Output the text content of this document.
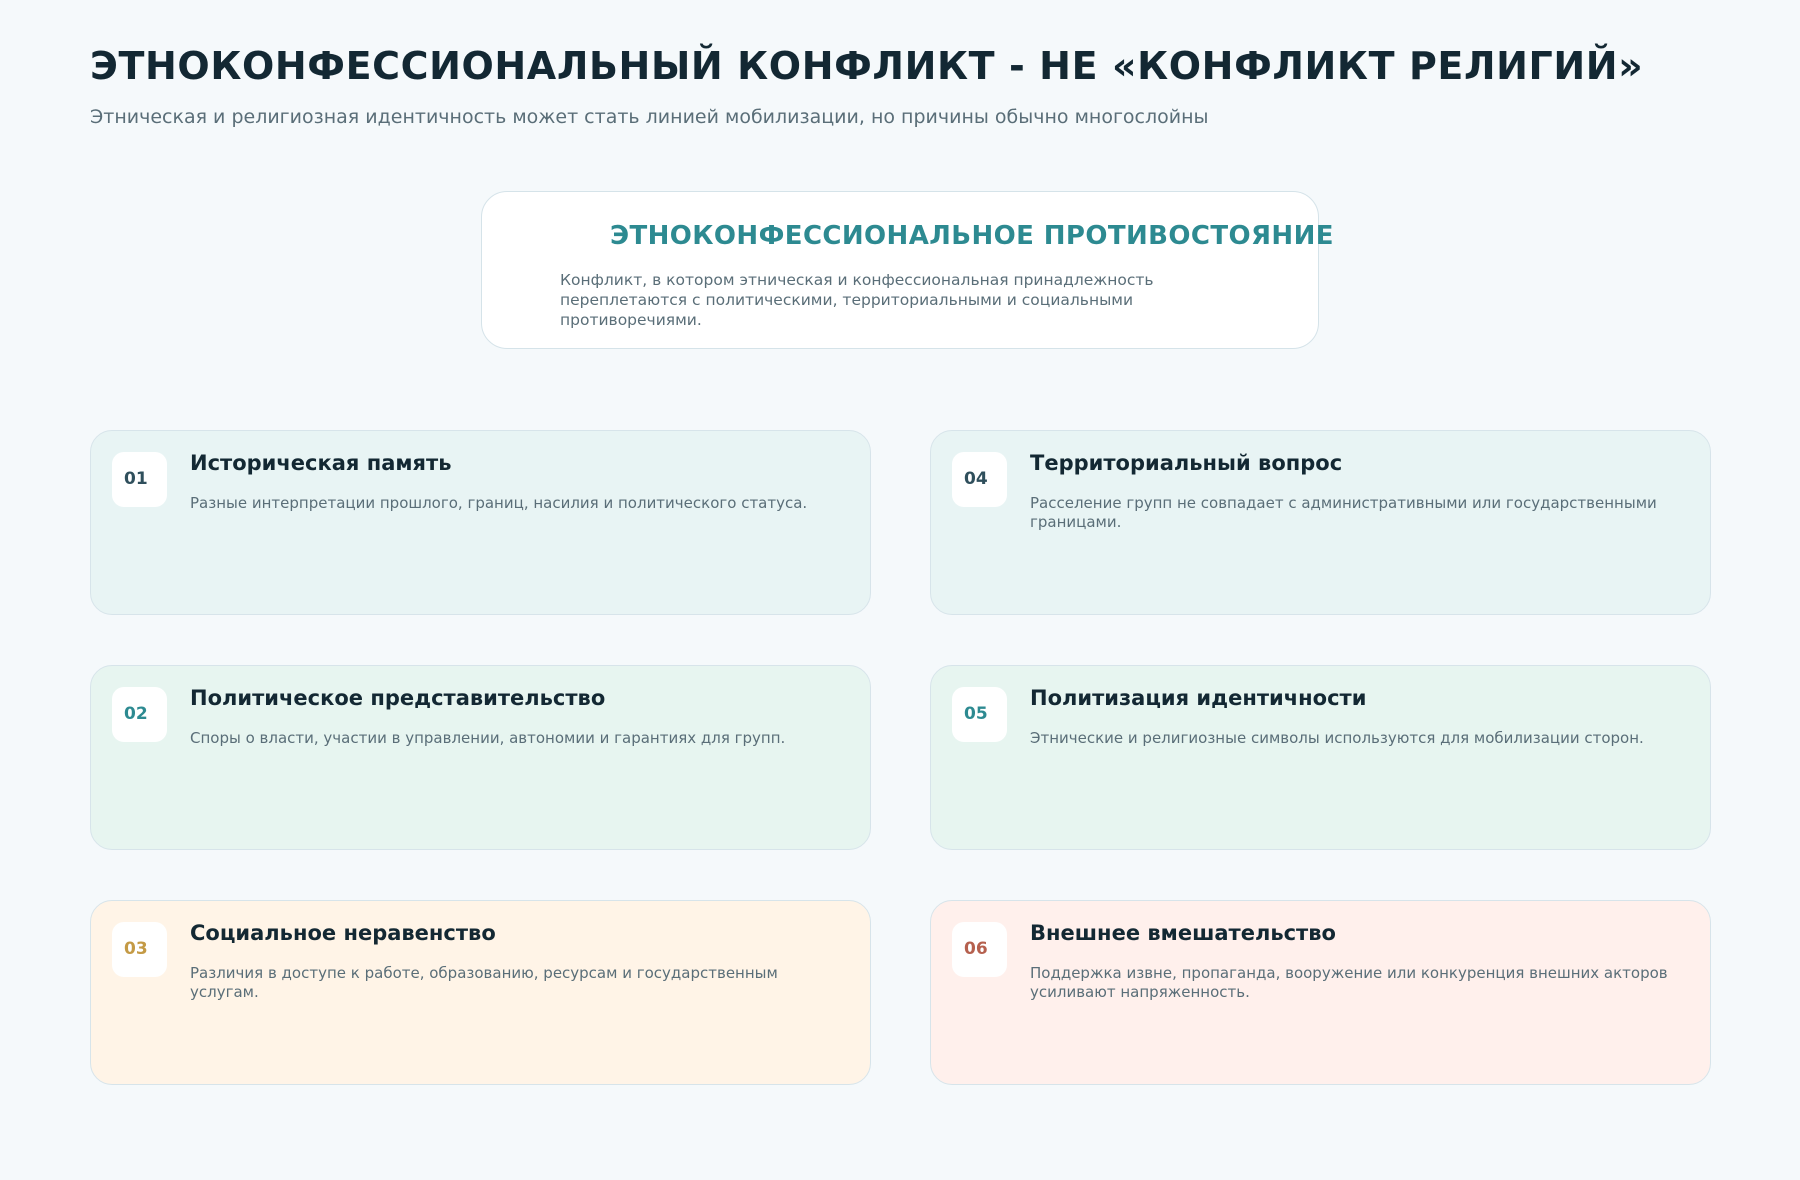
ЭТНОКОНФЕССИОНАЛЬНЫЙ КОНФЛИКТ - НЕ «КОНФЛИКТ РЕЛИГИЙ»

Этническая и религиозная идентичность может стать линией мобилизации, но причины обычно многослойны

ЭТНОКОНФЕССИОНАЛЬНОЕ ПРОТИВОСТОЯНИЕ
Конфликт, в котором этническая и конфессиональная принадлежность переплетаются с политическими, территориальными и социальными противоречиями.
01
Историческая память
Разные интерпретации прошлого, границ, насилия и политического статуса.
02
Политическое представительство
Споры о власти, участии в управлении, автономии и гарантиях для групп.
03
Социальное неравенство
Различия в доступе к работе, образованию, ресурсам и государственным услугам.
04
Территориальный вопрос
Расселение групп не совпадает с административными или государственными границами.
05
Политизация идентичности
Этнические и религиозные символы используются для мобилизации сторон.
06
Внешнее вмешательство
Поддержка извне, пропаганда, вооружение или конкуренция внешних акторов усиливают напряженность.
